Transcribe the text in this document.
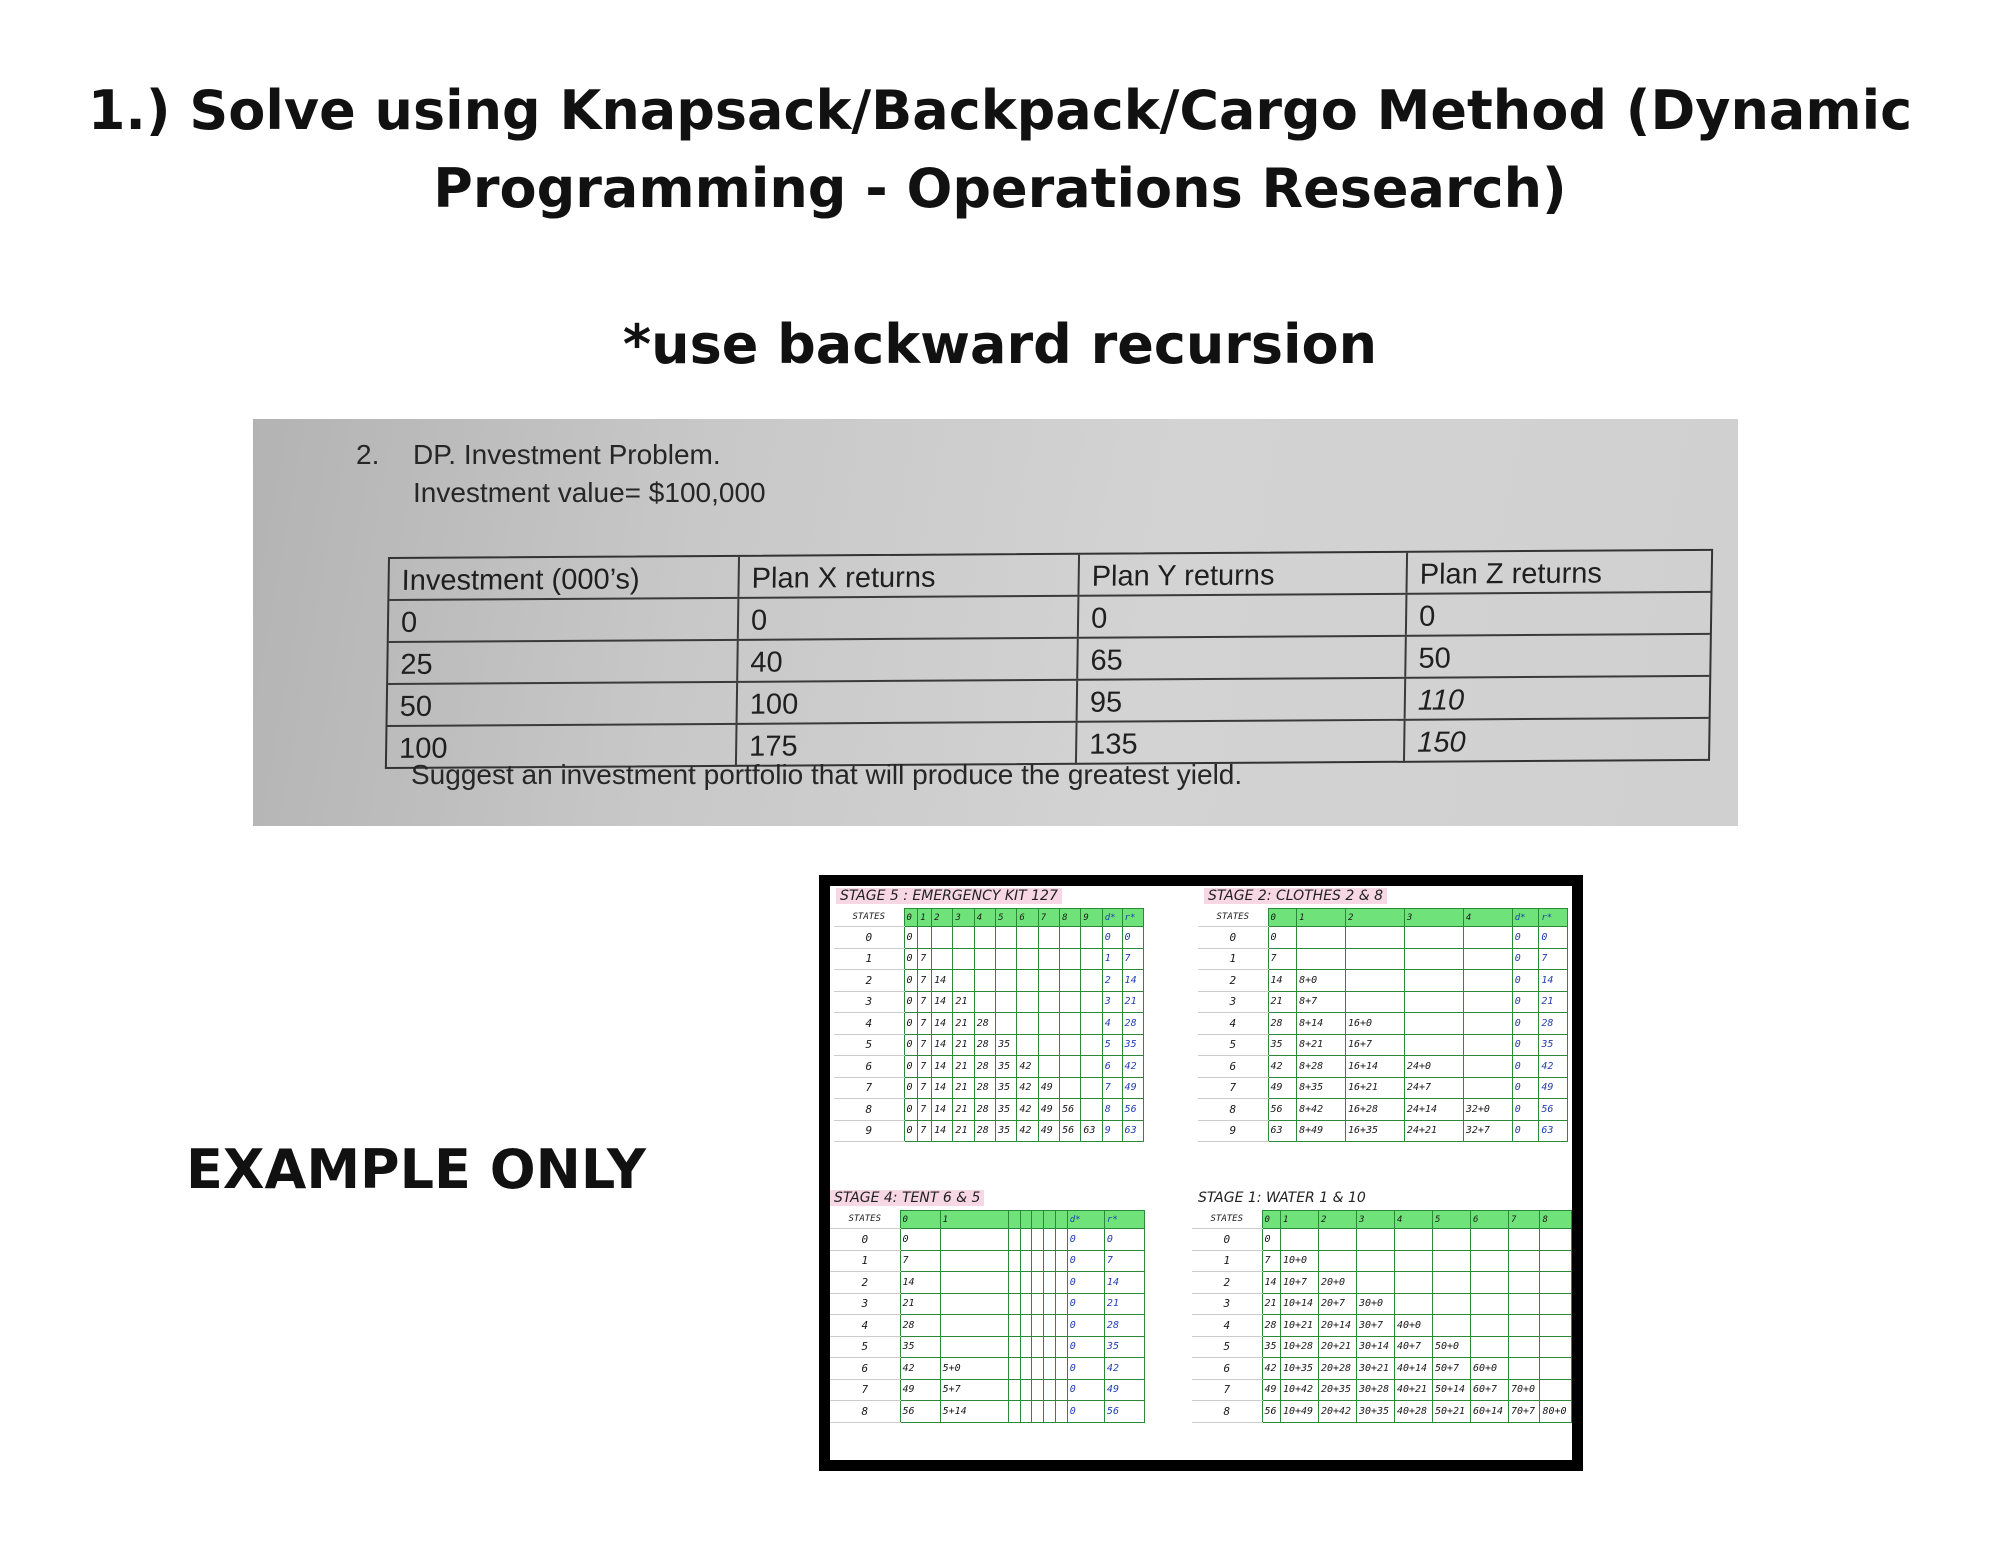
1.) Solve using Knapsack/Backpack/Cargo Method (Dynamic
Programming - Operations Research)
*use backward recursion
2. DP. Investment Problem.
Investment value= $100,000
Investment (000’s)	Plan X returns	Plan Y returns	Plan Z returns
0	0	0	0
25	40	65	50
50	100	95	110
100	175	135	150
Suggest an investment portfolio that will produce the greatest yield.
EXAMPLE ONLY
STAGE 5 : EMERGENCY KIT 127
STATES	0	1	2	3	4	5	6	7	8	9	d*	r*
0	0										0	0
1	0	7									1	7
2	0	7	14								2	14
3	0	7	14	21							3	21
4	0	7	14	21	28						4	28
5	0	7	14	21	28	35					5	35
6	0	7	14	21	28	35	42				6	42
7	0	7	14	21	28	35	42	49			7	49
8	0	7	14	21	28	35	42	49	56		8	56
9	0	7	14	21	28	35	42	49	56	63	9	63
STAGE 2: CLOTHES 2 & 8
STATES	0	1	2	3	4	d*	r*
0	0					0	0
1	7					0	7
2	14	8+0				0	14
3	21	8+7				0	21
4	28	8+14	16+0			0	28
5	35	8+21	16+7			0	35
6	42	8+28	16+14	24+0		0	42
7	49	8+35	16+21	24+7		0	49
8	56	8+42	16+28	24+14	32+0	0	56
9	63	8+49	16+35	24+21	32+7	0	63
STAGE 4: TENT 6 & 5
STATES	0	1						d*	r*
0	0							0	0
1	7							0	7
2	14							0	14
3	21							0	21
4	28							0	28
5	35							0	35
6	42	5+0						0	42
7	49	5+7						0	49
8	56	5+14						0	56
STAGE 1: WATER 1 & 10
STATES	0	1	2	3	4	5	6	7	8
0	0								
1	7	10+0							
2	14	10+7	20+0						
3	21	10+14	20+7	30+0					
4	28	10+21	20+14	30+7	40+0				
5	35	10+28	20+21	30+14	40+7	50+0			
6	42	10+35	20+28	30+21	40+14	50+7	60+0		
7	49	10+42	20+35	30+28	40+21	50+14	60+7	70+0	
8	56	10+49	20+42	30+35	40+28	50+21	60+14	70+7	80+0
